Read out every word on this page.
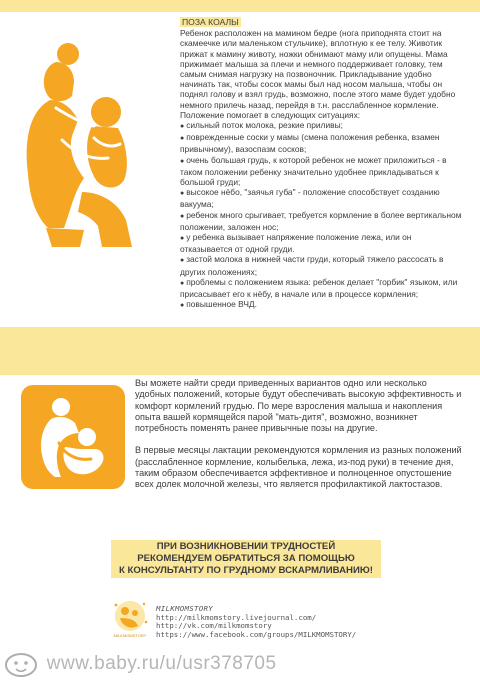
ПОЗА КОАЛЫ

Ребенок расположен на мамином бедре (нога приподнята стоит на скамеечке или маленьком стульчике), вплотную к ее телу. Животик прижат к мамину животу, ножки обнимают маму или опущены. Мама прижимает малыша за плечи и немного поддерживает головку, тем самым снимая нагрузку на позвоночник. Прикладывание удобно начинать так, чтобы сосок мамы был над носом малыша, чтобы он поднял голову и взял грудь, возможно, после этого маме будет удобно немного прилечь назад, перейдя в т.н. расслабленное кормление.

Положение помогает в следующих ситуациях:

● сильный поток молока, резкие приливы;
● поврежденные соски у мамы (смена положения ребенка, взамен привычному), вазоспазм сосков;
● очень большая грудь, к которой ребенок не может приложиться - в таком положении ребенку значительно удобнее прикладываться к большой груди;
● высокое нёбо, "заячья губа" - положение способствует созданию вакуума;
● ребенок много срыгивает, требуется кормление в более вертикальном положении, заложен нос;
● у ребенка вызывает напряжение положение лежа, или он отказывается от одной груди.
● застой молока в нижней части груди, который тяжело рассосать в других положениях;
● проблемы с положением языка: ребенок делает "горбик" языком, или присасывает его к нёбу, в начале или в процессе кормления;
● повышенное ВЧД.

Вы можете найти среди приведенных вариантов одно или несколько удобных положений, которые будут обеспечивать высокую эффективность и комфорт кормлений грудью. По мере взросления малыша и накопления опыта вашей кормящейся парой "мать-дитя", возможно, возникнет потребность поменять ранее привычные позы на другие.

В первые месяцы лактации рекомендуются кормления из разных положений (расслабленное кормление, колыбелька, лежа, из-под руки) в течение дня, таким образом обеспечивается эффективное и полноценное опустошение всех долек молочной железы, что является профилактикой лактостазов.

ПРИ ВОЗНИКНОВЕНИИ ТРУДНОСТЕЙ
РЕКОМЕНДУЕМ ОБРАТИТЬСЯ ЗА ПОМОЩЬЮ
К КОНСУЛЬТАНТУ ПО ГРУДНОМУ ВСКАРМЛИВАНИЮ!
MILKMOMSTORY
MILKMOMSTORY
http://milkmomstory.livejournal.com/
http://vk.com/milkmomstory
https://www.facebook.com/groups/MILKMOMSTORY/
www.baby.ru/u/usr378705
